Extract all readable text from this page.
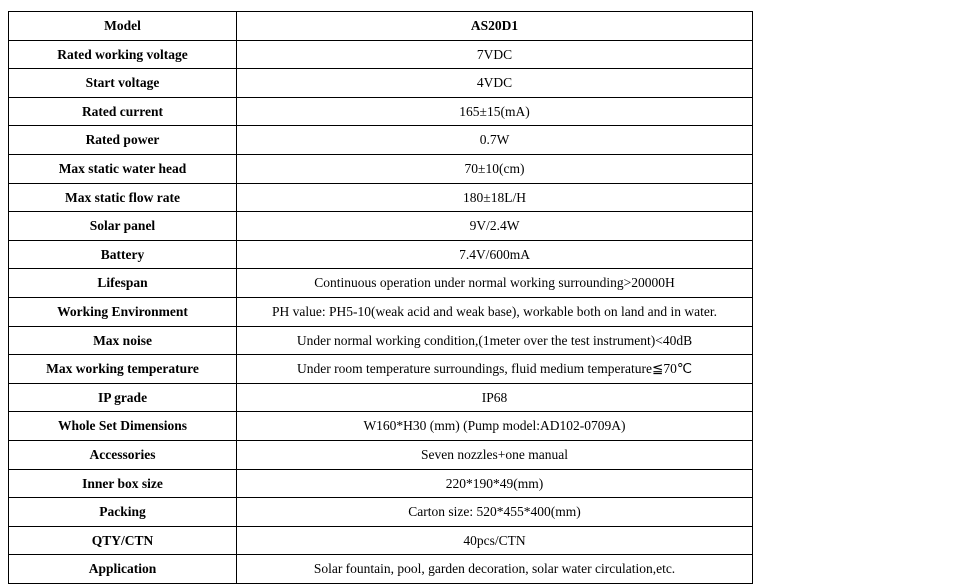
Model	AS20D1
Rated working voltage	7VDC
Start voltage	4VDC
Rated current	165±15(mA)
Rated power	0.7W
Max static water head	70±10(cm)
Max static flow rate	180±18L/H
Solar panel	9V/2.4W
Battery	7.4V/600mA
Lifespan	Continuous operation under normal working surrounding>20000H
Working Environment	PH value: PH5-10(weak acid and weak base), workable both on land and in water.
Max noise	Under normal working condition,(1meter over the test instrument)<40dB
Max working temperature	Under room temperature surroundings, fluid medium temperature≦70℃
IP grade	IP68
Whole Set Dimensions	W160*H30 (mm) (Pump model:AD102-0709A)
Accessories	Seven nozzles+one manual
Inner box size	220*190*49(mm)
Packing	Carton size: 520*455*400(mm)
QTY/CTN	40pcs/CTN
Application	Solar fountain, pool, garden decoration, solar water circulation,etc.
